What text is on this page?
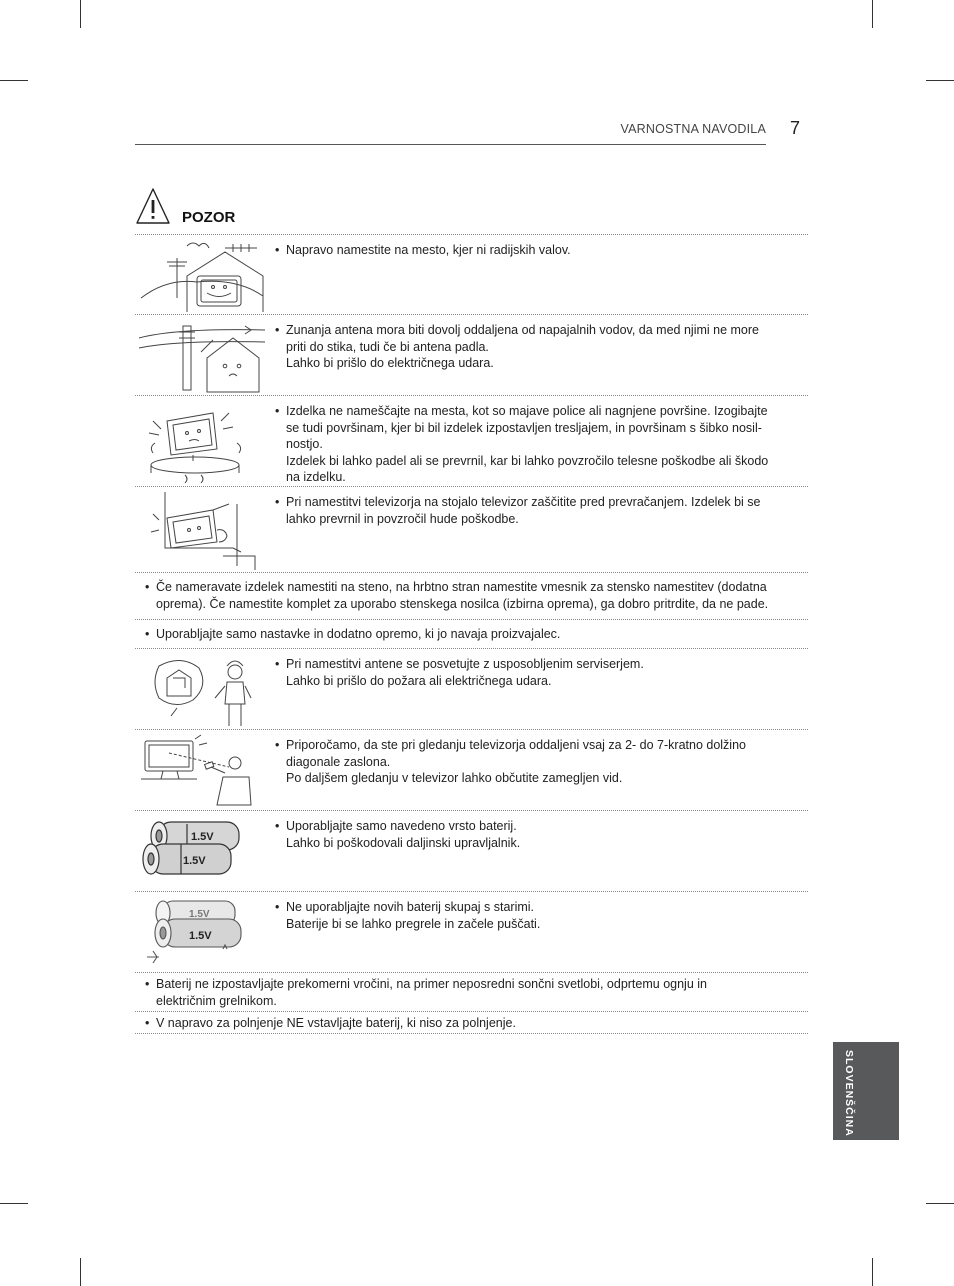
VARNOSTNA NAVODILA 7
POZOR
• Napravo namestite na mesto, kjer ni radijskih valov.
• Zunanja antena mora biti dovolj oddaljena od napajalnih vodov, da med njimi ne more
priti do stika, tudi če bi antena padla.
Lahko bi prišlo do električnega udara.
• Izdelka ne nameščajte na mesta, kot so majave police ali nagnjene površine. Izogibajte
se tudi površinam, kjer bi bil izdelek izpostavljen tresljajem, in površinam s šibko nosil-
nostjo.
Izdelek bi lahko padel ali se prevrnil, kar bi lahko povzročilo telesne poškodbe ali škodo
na izdelku.
• Pri namestitvi televizorja na stojalo televizor zaščitite pred prevračanjem. Izdelek bi se
lahko prevrnil in povzročil hude poškodbe.
• Če nameravate izdelek namestiti na steno, na hrbtno stran namestite vmesnik za stensko namestitev (dodatna
oprema). Če namestite komplet za uporabo stenskega nosilca (izbirna oprema), ga dobro pritrdite, da ne pade.
• Uporabljajte samo nastavke in dodatno opremo, ki jo navaja proizvajalec.
• Pri namestitvi antene se posvetujte z usposobljenim serviserjem.
Lahko bi prišlo do požara ali električnega udara.
• Priporočamo, da ste pri gledanju televizorja oddaljeni vsaj za 2- do 7-kratno dolžino
diagonale zaslona.
Po daljšem gledanju v televizor lahko občutite zamegljen vid.
1.5V
1.5V
• Uporabljajte samo navedeno vrsto baterij.
Lahko bi poškodovali daljinski upravljalnik.
1.5V
1.5V
• Ne uporabljajte novih baterij skupaj s starimi.
Baterije bi se lahko pregrele in začele puščati.
• Baterij ne izpostavljajte prekomerni vročini, na primer neposredni sončni svetlobi, odprtemu ognju in
električnim grelnikom.
• V napravo za polnjenje NE vstavljajte baterij, ki niso za polnjenje.
SLOVENŠČINA
